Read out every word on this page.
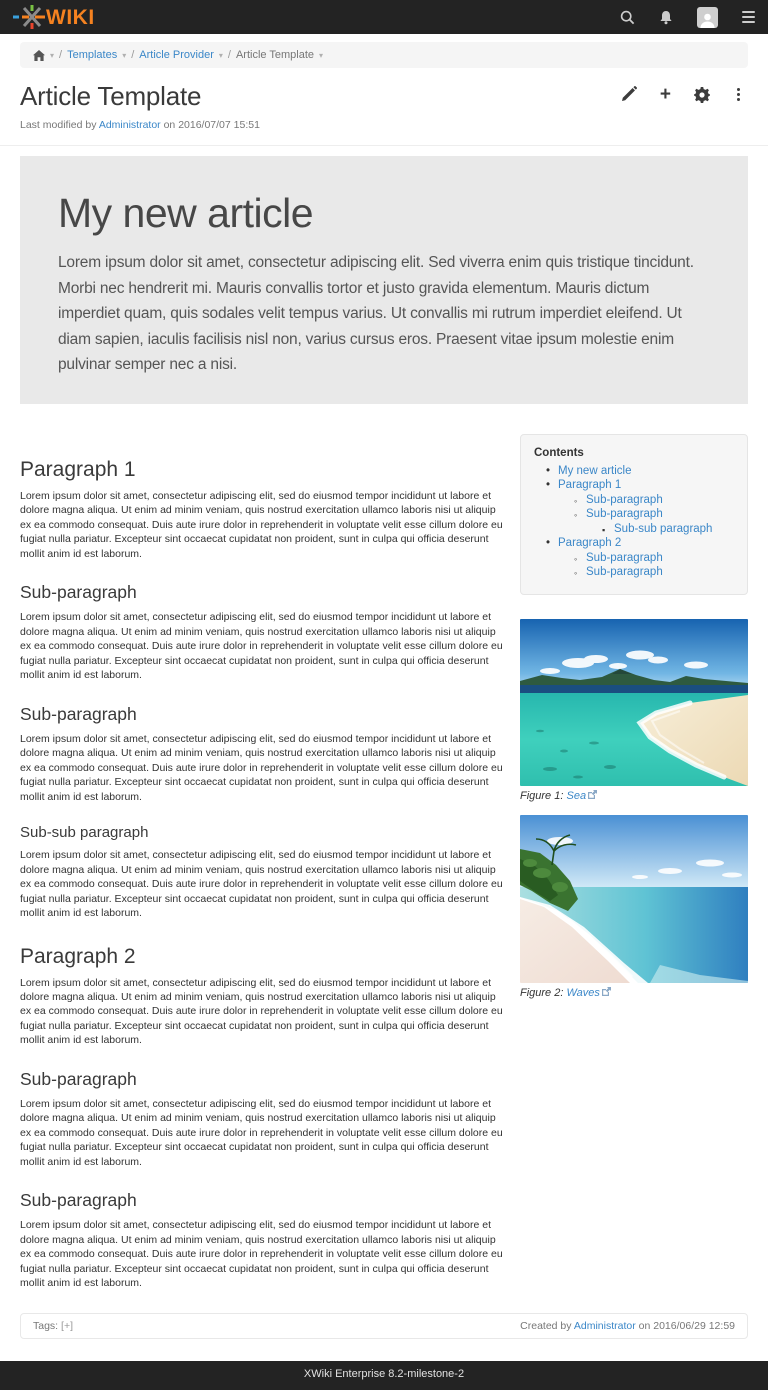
WIKI
▾ / Templates ▾ / Article Provider ▾ / Article Template ▾
Article Template	+
Last modified by Administrator on 2016/07/07 15:51
My new article

Lorem ipsum dolor sit amet, consectetur adipiscing elit. Sed viverra enim quis tristique tincidunt. Morbi nec hendrerit mi. Mauris convallis tortor et justo gravida elementum. Mauris dictum imperdiet quam, quis sodales velit tempus varius. Ut convallis mi rutrum imperdiet eleifend. Ut diam sapien, iaculis facilisis nisl non, varius cursus eros. Praesent vitae ipsum molestie enim pulvinar semper nec a nisi.

Paragraph 1

Lorem ipsum dolor sit amet, consectetur adipiscing elit, sed do eiusmod tempor incididunt ut labore et dolore magna aliqua. Ut enim ad minim veniam, quis nostrud exercitation ullamco laboris nisi ut aliquip ex ea commodo consequat. Duis aute irure dolor in reprehenderit in voluptate velit esse cillum dolore eu fugiat nulla pariatur. Excepteur sint occaecat cupidatat non proident, sunt in culpa qui officia deserunt mollit anim id est laborum.

Sub-paragraph

Lorem ipsum dolor sit amet, consectetur adipiscing elit, sed do eiusmod tempor incididunt ut labore et dolore magna aliqua. Ut enim ad minim veniam, quis nostrud exercitation ullamco laboris nisi ut aliquip ex ea commodo consequat. Duis aute irure dolor in reprehenderit in voluptate velit esse cillum dolore eu fugiat nulla pariatur. Excepteur sint occaecat cupidatat non proident, sunt in culpa qui officia deserunt mollit anim id est laborum.

Sub-paragraph

Lorem ipsum dolor sit amet, consectetur adipiscing elit, sed do eiusmod tempor incididunt ut labore et dolore magna aliqua. Ut enim ad minim veniam, quis nostrud exercitation ullamco laboris nisi ut aliquip ex ea commodo consequat. Duis aute irure dolor in reprehenderit in voluptate velit esse cillum dolore eu fugiat nulla pariatur. Excepteur sint occaecat cupidatat non proident, sunt in culpa qui officia deserunt mollit anim id est laborum.

Sub-sub paragraph

Lorem ipsum dolor sit amet, consectetur adipiscing elit, sed do eiusmod tempor incididunt ut labore et dolore magna aliqua. Ut enim ad minim veniam, quis nostrud exercitation ullamco laboris nisi ut aliquip ex ea commodo consequat. Duis aute irure dolor in reprehenderit in voluptate velit esse cillum dolore eu fugiat nulla pariatur. Excepteur sint occaecat cupidatat non proident, sunt in culpa qui officia deserunt mollit anim id est laborum.

Paragraph 2

Lorem ipsum dolor sit amet, consectetur adipiscing elit, sed do eiusmod tempor incididunt ut labore et dolore magna aliqua. Ut enim ad minim veniam, quis nostrud exercitation ullamco laboris nisi ut aliquip ex ea commodo consequat. Duis aute irure dolor in reprehenderit in voluptate velit esse cillum dolore eu fugiat nulla pariatur. Excepteur sint occaecat cupidatat non proident, sunt in culpa qui officia deserunt mollit anim id est laborum.

Sub-paragraph

Lorem ipsum dolor sit amet, consectetur adipiscing elit, sed do eiusmod tempor incididunt ut labore et dolore magna aliqua. Ut enim ad minim veniam, quis nostrud exercitation ullamco laboris nisi ut aliquip ex ea commodo consequat. Duis aute irure dolor in reprehenderit in voluptate velit esse cillum dolore eu fugiat nulla pariatur. Excepteur sint occaecat cupidatat non proident, sunt in culpa qui officia deserunt mollit anim id est laborum.

Sub-paragraph

Lorem ipsum dolor sit amet, consectetur adipiscing elit, sed do eiusmod tempor incididunt ut labore et dolore magna aliqua. Ut enim ad minim veniam, quis nostrud exercitation ullamco laboris nisi ut aliquip ex ea commodo consequat. Duis aute irure dolor in reprehenderit in voluptate velit esse cillum dolore eu fugiat nulla pariatur. Excepteur sint occaecat cupidatat non proident, sunt in culpa qui officia deserunt mollit anim id est laborum.

Contents
• My new article
• Paragraph 1
◦ Sub-paragraph
◦ Sub-paragraph
▪ Sub-sub paragraph
• Paragraph 2
◦ Sub-paragraph
◦ Sub-paragraph
Figure 1: Sea
Figure 2: Waves
Tags: [+]	Created by Administrator on 2016/06/29 12:59
XWiki Enterprise 8.2-milestone-2
